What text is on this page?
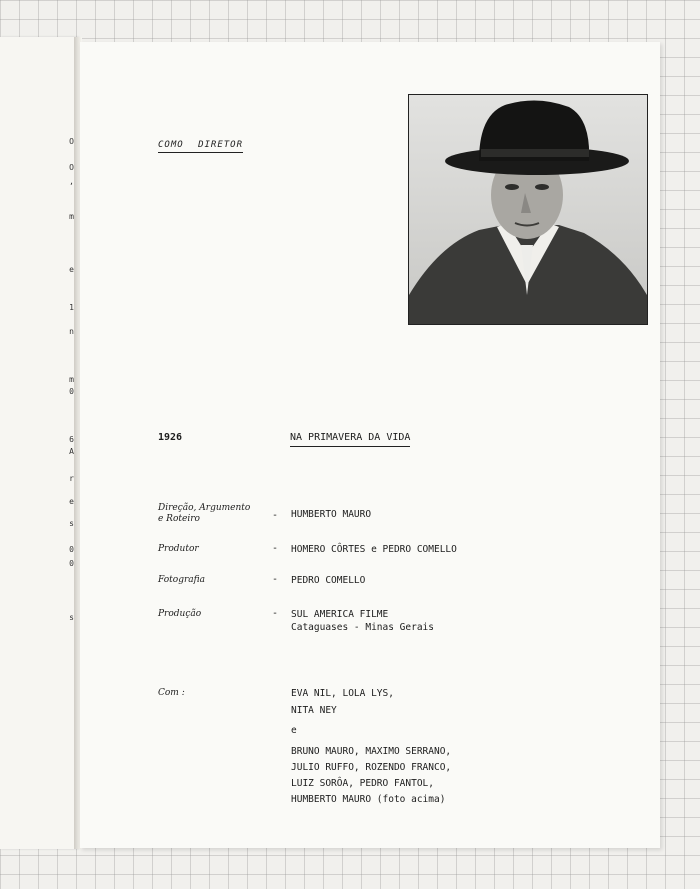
O
O
,
m
e
1
n
m
0
6
A
r
e
s
0
0
s
COMO DIRETOR
1926	NA PRIMAVERA DA VIDA
Direção, Argumento
e Roteiro	- HUMBERTO MAURO
Produtor	- HOMERO CÔRTES e PEDRO COMELLO
Fotografia	- PEDRO COMELLO
Produção	- SUL AMERICA FILME
Cataguases - Minas Gerais
Com :	EVA NIL, LOLA LYS,
NITA NEY
e
BRUNO MAURO, MAXIMO SERRANO,
JULIO RUFFO, ROZENDO FRANCO,
LUIZ SORÔA, PEDRO FANTOL,
HUMBERTO MAURO (foto acima)
